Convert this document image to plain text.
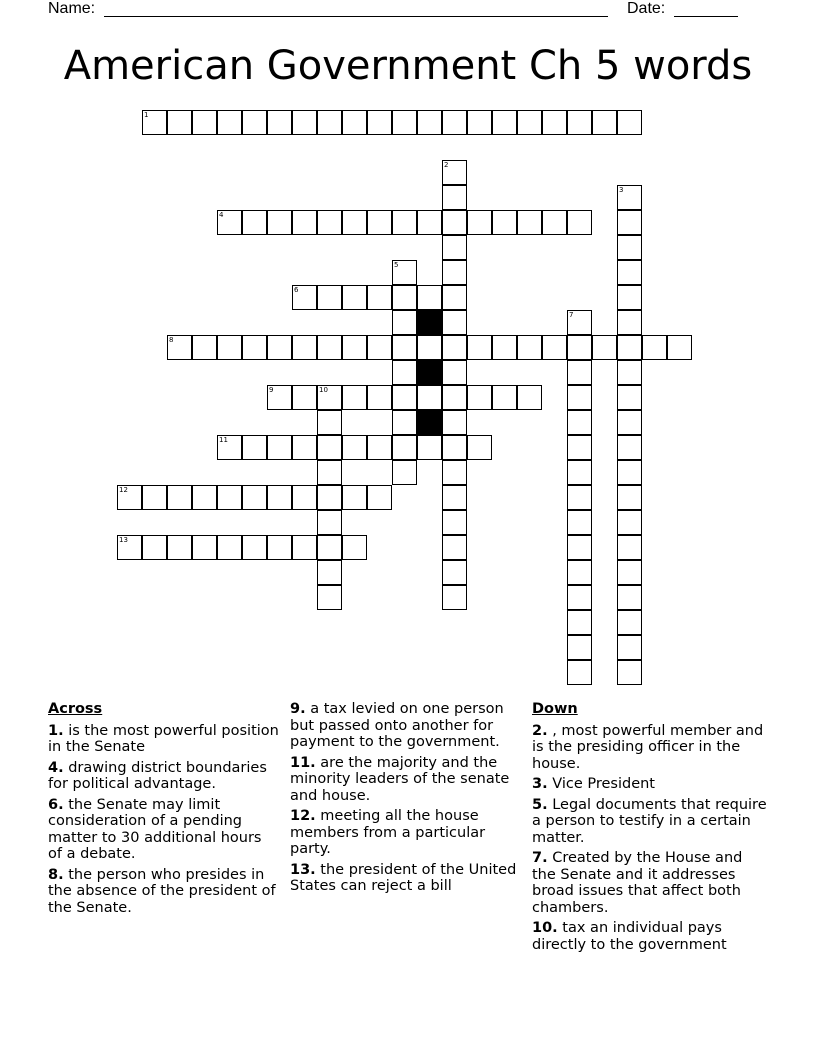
Name:	Date:
American Government Ch 5 words
1
4
6
8
9	10
11
12
13
2
3
5
7
Across
1. is the most powerful position in the Senate
4. drawing district boundaries for political advantage.
6. the Senate may limit consideration of a pending matter to 30 additional hours of a debate.
8. the person who presides in the absence of the president of the Senate.
9. a tax levied on one person but passed onto another for payment to the government.
11. are the majority and the minority leaders of the senate and house.
12. meeting all the house members from a particular party.
13. the president of the United States can reject a bill
Down
2. , most powerful member and is the presiding officer in the house.
3. Vice President
5. Legal documents that require a person to testify in a certain matter.
7. Created by the House and the Senate and it addresses broad issues that affect both chambers.
10. tax an individual pays directly to the government
